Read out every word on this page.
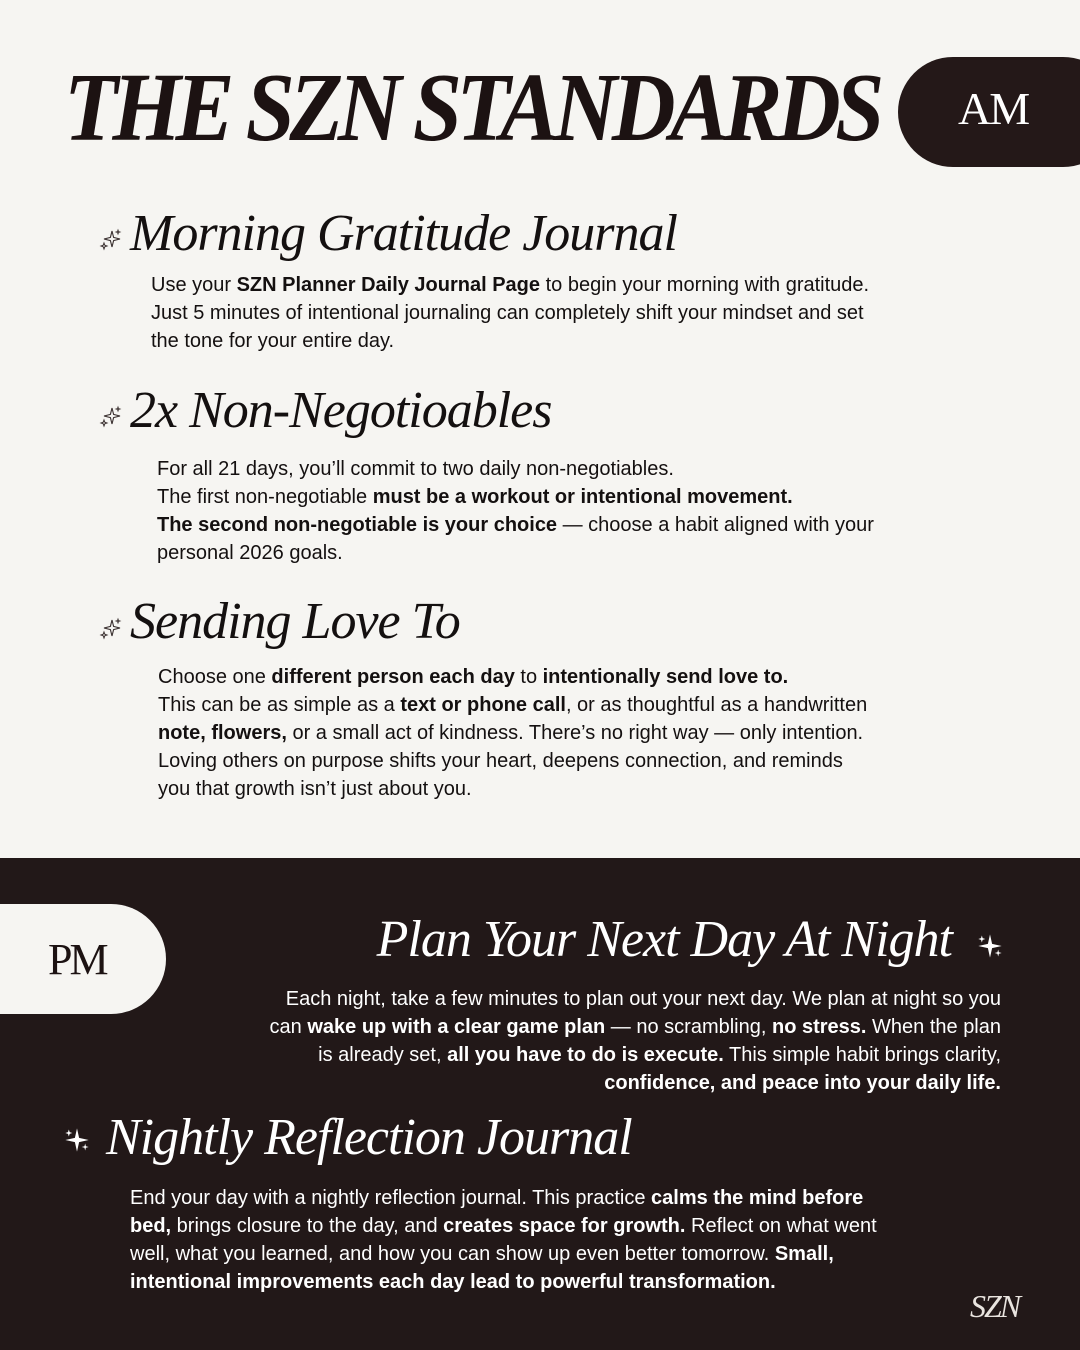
THE SZN STANDARDS AM
Morning Gratitude Journal
Use your SZN Planner Daily Journal Page to begin your morning with gratitude.
Just 5 minutes of intentional journaling can completely shift your mindset and set
the tone for your entire day.
2x Non-Negotioables
For all 21 days, you’ll commit to two daily non-negotiables.
The first non-negotiable must be a workout or intentional movement.
The second non-negotiable is your choice — choose a habit aligned with your
personal 2026 goals.
Sending Love To
Choose one different person each day to intentionally send love to.
This can be as simple as a text or phone call, or as thoughtful as a handwritten
note, flowers, or a small act of kindness. There’s no right way — only intention.
Loving others on purpose shifts your heart, deepens connection, and reminds
you that growth isn’t just about you.
PM	Plan Your Next Day At Night
Each night, take a few minutes to plan out your next day. We plan at night so you
can wake up with a clear game plan — no scrambling, no stress. When the plan
is already set, all you have to do is execute. This simple habit brings clarity,
confidence, and peace into your daily life.
Nightly Reflection Journal
End your day with a nightly reflection journal. This practice calms the mind before
bed, brings closure to the day, and creates space for growth. Reflect on what went
well, what you learned, and how you can show up even better tomorrow. Small,
intentional improvements each day lead to powerful transformation.
SZN
